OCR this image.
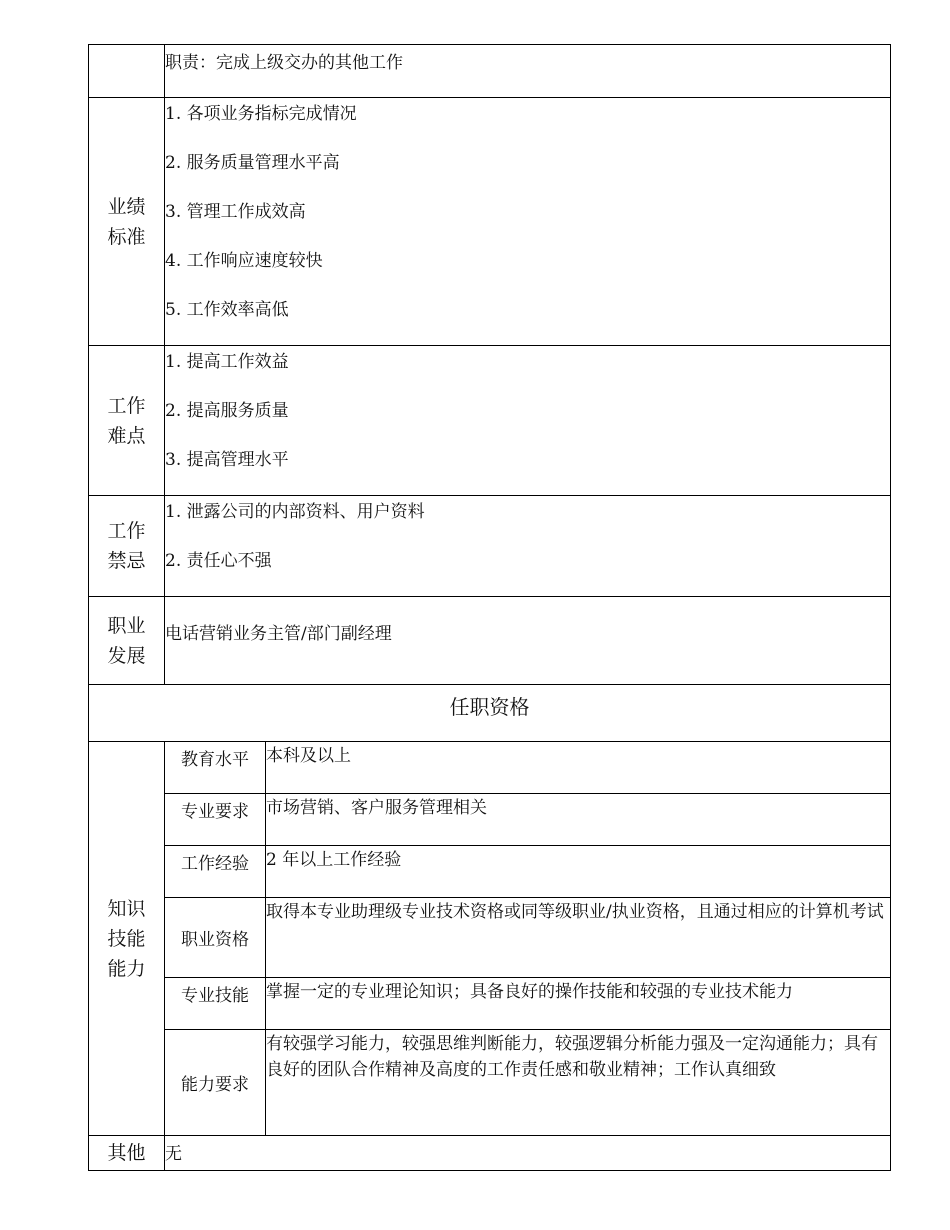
	职责：完成上级交办的其他工作	
业绩标准	1. 各项业务指标完成情况
2. 服务质量管理水平高
3. 管理工作成效高
4. 工作响应速度较快
5. 工作效率高低	

工作难点	1. 提高工作效益
2. 提高服务质量
3. 提高管理水平	

工作禁忌	1. 泄露公司的内部资料、用户资料
2. 责任心不强	

职业发展	电话营销业务主管/部门副经理	
任职资格		
知识技能能力	教育水平	本科及以上
	专业要求	市场营销、客户服务管理相关
	工作经验	2 年以上工作经验
	职业资格	取得本专业助理级专业技术资格或同等级职业/执业资格，且通过相应的计算机考试
	专业技能	掌握一定的专业理论知识；具备良好的操作技能和较强的专业技术能力
	能力要求	有较强学习能力，较强思维判断能力，较强逻辑分析能力强及一定沟通能力；具有良好的团队合作精神及高度的工作责任感和敬业精神；工作认真细致
其他	无	
